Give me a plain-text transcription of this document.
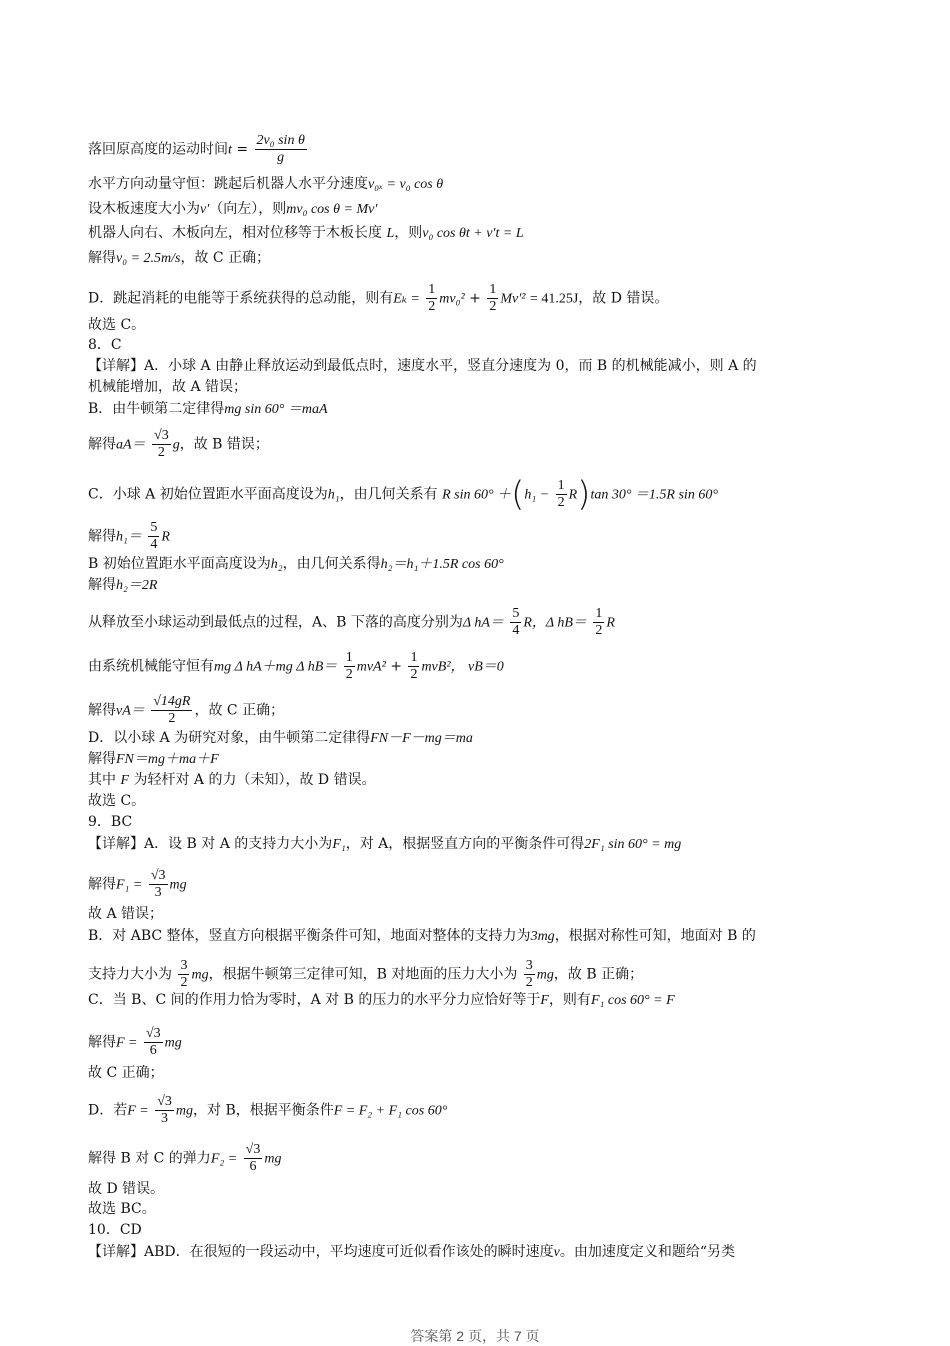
落回原高度的运动时间$t = \frac{\text{2v₀ sin θ}}{g}$
水平方向动量守恒：跳起后机器人水平分速度v₀ₓ = v₀ cos θ
设木板速度大小为v′（向左），则mv₀ cos θ = Mv′
机器人向右、木板向左，相对位移等于木板长度 L，则v₀ cos θt + v′t = L
解得v₀ = 2.5m/s，故 C 正确；
D．跳起消耗的电能等于系统获得的总动能，则有$E_k = \frac{1}{2} mv_0^2 + \frac{1}{2} Mv'^2 = 41.25J$，故 D 错误。
故选 C。
8．C
【详解】A．小球 A 由静止释放运动到最低点时，速度水平，竖直分速度为 0，而 B 的机械能减小，则 A 的
机械能增加，故 A 错误；
B．由牛顿第二定律得mg sin 60° ＝maA
解得$aA= \frac{√3}{2}$ g，故 B 错误；
C．小球 A 初始位置距水平面高度设为h₁，由几何关系有 R $\sin 60^\circ +(h_1 - \frac{1}{2} R)\tan$ 30° ＝1.5R sin 60°
解得$h_1= \frac{5}{4}$ R
B 初始位置距水平面高度设为h₂，由几何关系得h₂＝h₁＋1.5R cos 60°
解得h₂＝2R
从释放至小球运动到最低点的过程，A、B 下落的高度分别为Δ $hA= \frac{5}{4}$ R，Δ $hB= \frac{1}{2}$ R
由系统机械能守恒有mg Δ hA＋mg Δ $hB= \frac{1}{2} mvA^2 + \frac{1}{2} mvB^2$， vB＝0
解得$vA= \frac{√14gR}{2}$ ，故 C 正确；
D．以小球 A 为研究对象，由牛顿第二定律得FN－F－mg＝ma
解得FN＝mg＋ma＋F
其中 F 为轻杆对 A 的力（未知），故 D 错误。
故选 C。
9．BC
【详解】A．设 B 对 A 的支持力大小为F₁，对 A，根据竖直方向的平衡条件可得2F₁ sin 60° = mg
解得$F_1 = \frac{√3}{3}$ mg
故 A 错误；
B．对 ABC 整体，竖直方向根据平衡条件可知，地面对整体的支持力为3mg，根据对称性可知，地面对 B 的
支持力大小为 $\frac{3}{2}$ mg，根据牛顿第三定律可知，B 对地面的压力大小为 $\frac{3}{2}$ mg，故 B 正确；
C．当 B、C 间的作用力恰为零时，A 对 B 的压力的水平分力应恰好等于F，则有F₁ cos 60° = F
解得$F = \frac{√3}{6}$ mg
故 C 正确；
D．若$F = \frac{√3}{3}$ mg，对 B，根据平衡条件F = F₂ + F₁ cos 60°
解得 B 对 C 的弹力$F_2 = \frac{√3}{6}$ mg
故 D 错误。
故选 BC。
10．CD
【详解】ABD．在很短的一段运动中，平均速度可近似看作该处的瞬时速度v。由加速度定义和题给“另类
答案第 2 页，共 7 页
